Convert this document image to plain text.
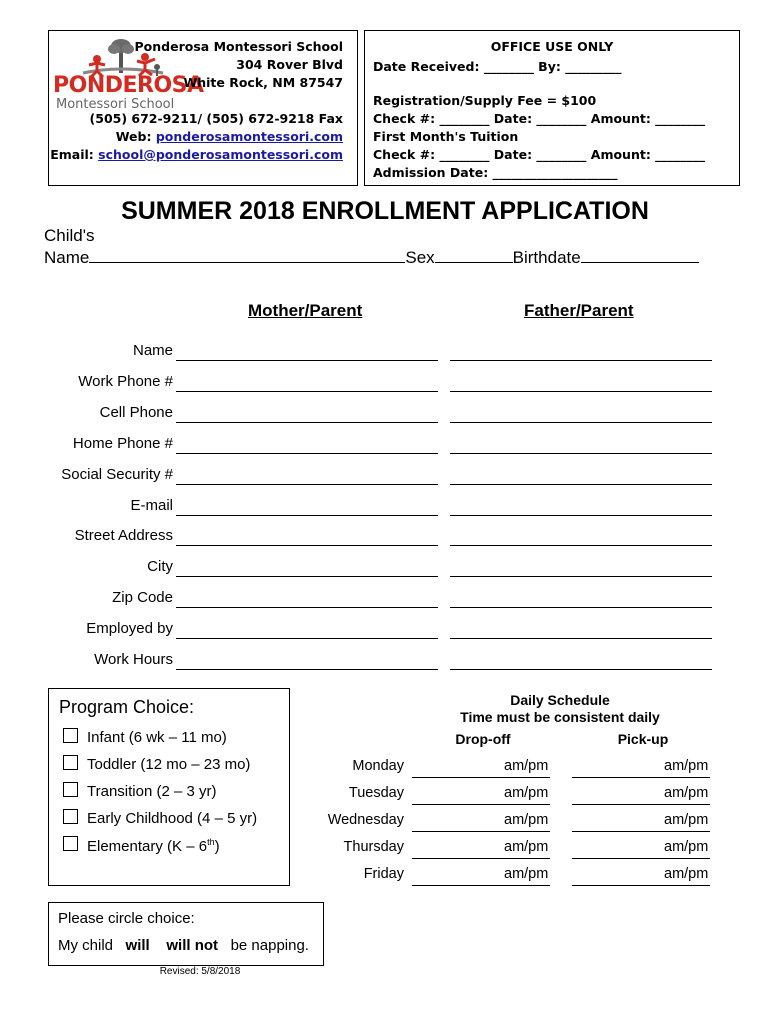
PONDEROSA
Montessori School
Ponderosa Montessori School
304 Rover Blvd
White Rock, NM 87547
(505) 672-9211/ (505) 672-9218 Fax
Web: ponderosamontessori.com
Email: school@ponderosamontessori.com
OFFICE USE ONLY
Date Received: ________ By: _________
Registration/Supply Fee = $100
Check #: ________ Date: ________ Amount: ________
First Month's Tuition
Check #: ________ Date: ________ Amount: ________
Admission Date: ____________________
SUMMER 2018 ENROLLMENT APPLICATION
Child's
Name	Sex	Birthdate
Mother/Parent	Father/Parent
Name
Work Phone #
Cell Phone
Home Phone #
Social Security #
E-mail
Street Address
City
Zip Code
Employed by
Work Hours
Program Choice:
Infant (6 wk – 11 mo)
Toddler (12 mo – 23 mo)
Transition (2 – 3 yr)
Early Childhood (4 – 5 yr)
Elementary (K – 6th)
Daily Schedule
Time must be consistent daily
Drop-off	Pick-up
Monday	am/pm	am/pm
Tuesday	am/pm	am/pm
Wednesday	am/pm	am/pm
Thursday	am/pm	am/pm
Friday	am/pm	am/pm
Please circle choice:
My child will will not be napping.
Revised: 5/8/2018
